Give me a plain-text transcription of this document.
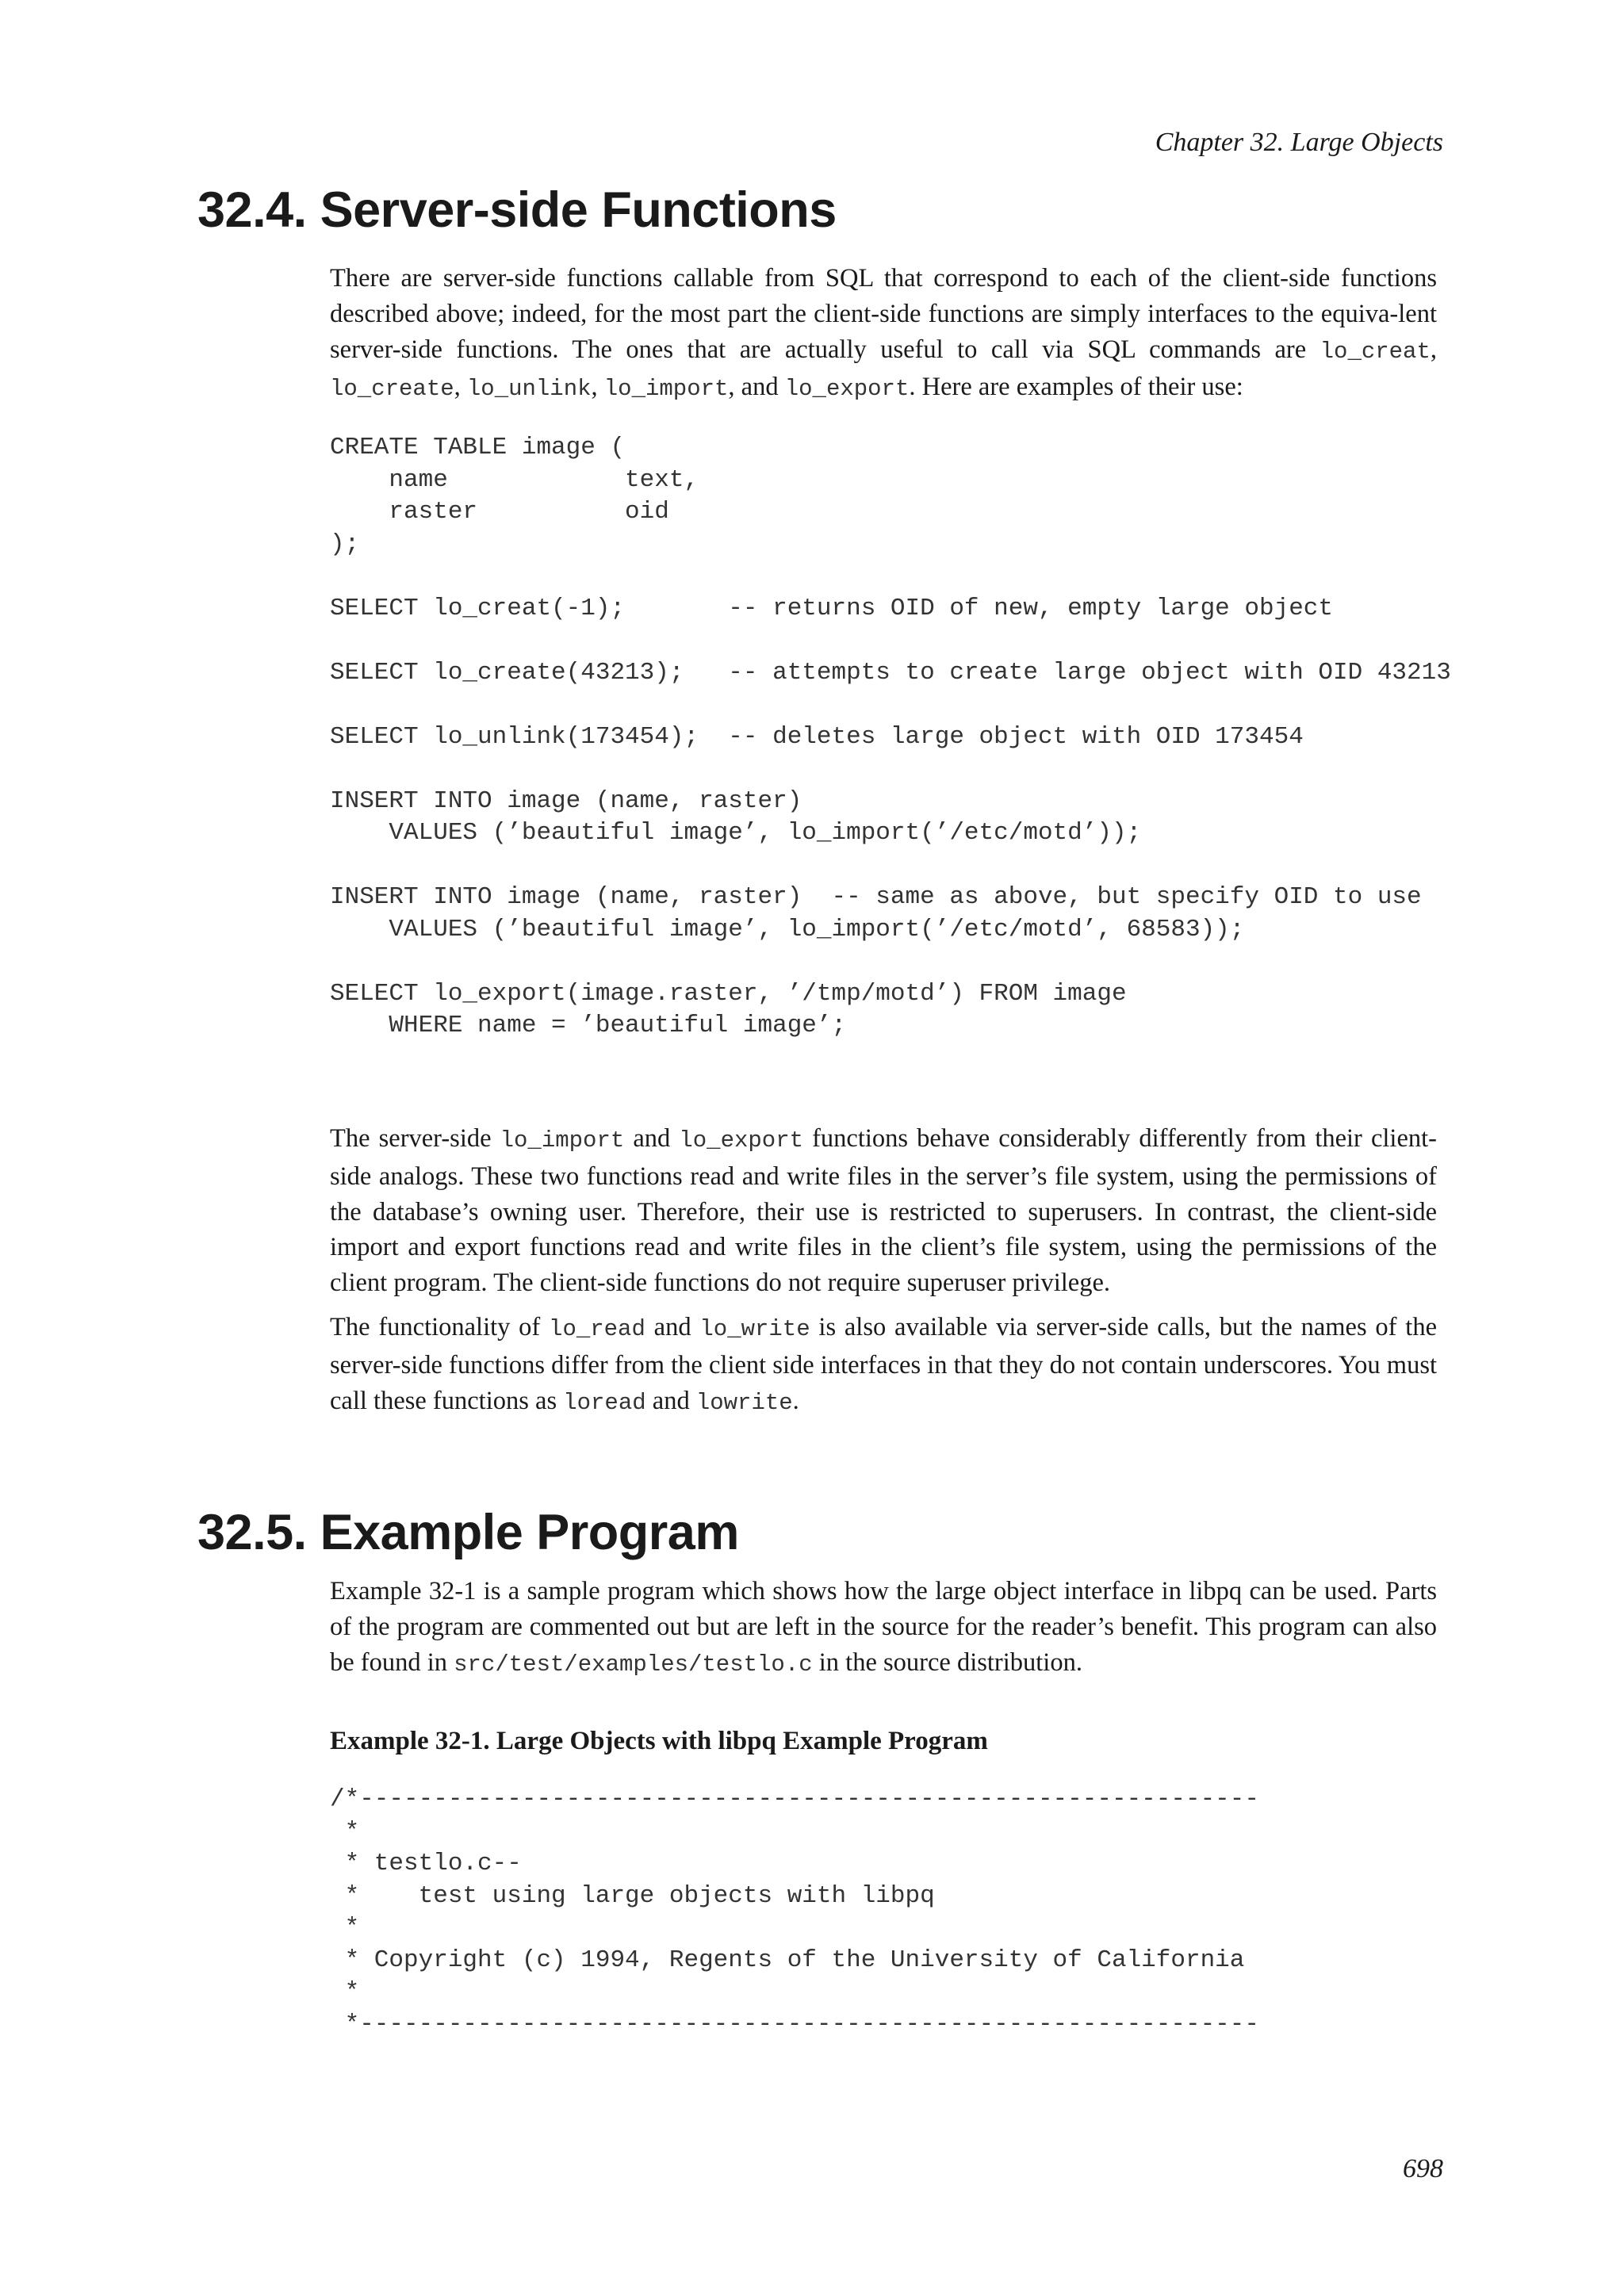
Chapter 32. Large Objects
32.4. Server-side Functions

There are server-side functions callable from SQL that correspond to each of the client-side functions described above; indeed, for the most part the client-side functions are simply interfaces to the equiva-lent server-side functions. The ones that are actually useful to call via SQL commands are lo_creat, lo_create, lo_unlink, lo_import, and lo_export. Here are examples of their use:

CREATE TABLE image (
name            text,
raster          oid
);

SELECT lo_creat(-1);       -- returns OID of new, empty large object

SELECT lo_create(43213);   -- attempts to create large object with OID 43213

SELECT lo_unlink(173454);  -- deletes large object with OID 173454

INSERT INTO image (name, raster)
VALUES (’beautiful image’, lo_import(’/etc/motd’));

INSERT INTO image (name, raster)  -- same as above, but specify OID to use
VALUES (’beautiful image’, lo_import(’/etc/motd’, 68583));

SELECT lo_export(image.raster, ’/tmp/motd’) FROM image
WHERE name = ’beautiful image’;

The server-side lo_import and lo_export functions behave considerably differently from their client-side analogs. These two functions read and write files in the server’s file system, using the permissions of the database’s owning user. Therefore, their use is restricted to superusers. In contrast, the client-side import and export functions read and write files in the client’s file system, using the permissions of the client program. The client-side functions do not require superuser privilege.

The functionality of lo_read and lo_write is also available via server-side calls, but the names of the server-side functions differ from the client side interfaces in that they do not contain underscores. You must call these functions as loread and lowrite.

32.5. Example Program

Example 32-1 is a sample program which shows how the large object interface in libpq can be used. Parts of the program are commented out but are left in the source for the reader’s benefit. This program can also be found in src/test/examples/testlo.c in the source distribution.

Example 32-1. Large Objects with libpq Example Program

/*-------------------------------------------------------------
*
* testlo.c--
*    test using large objects with libpq
*
* Copyright (c) 1994, Regents of the University of California
*
*-------------------------------------------------------------
698
